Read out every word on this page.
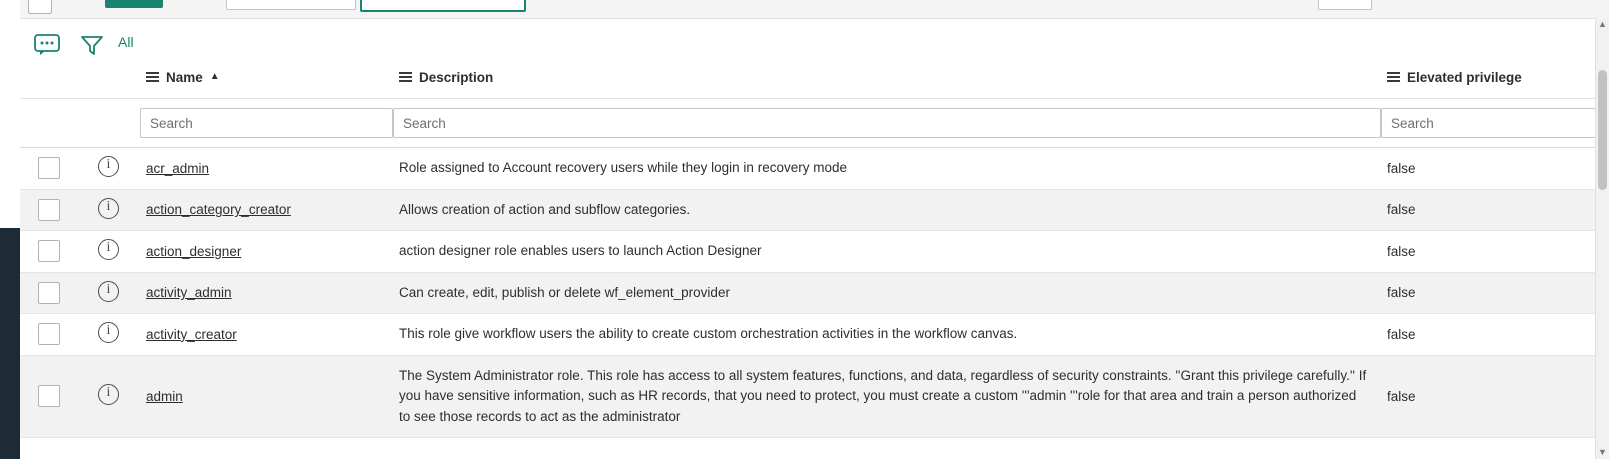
All

		Name ▲	Description	Elevated privilege

		Search	Search	Search
	i	acr_admin	Role assigned to Account recovery users while they login in recovery mode	false
	i	action_category_creator	Allows creation of action and subflow categories.	false
	i	action_designer	action designer role enables users to launch Action Designer	false
	i	activity_admin	Can create, edit, publish or delete wf_element_provider	false
	i	activity_creator	This role give workflow users the ability to create custom orchestration activities in the workflow canvas.	false
	i	admin	The System Administrator role. This role has access to all system features, functions, and data, regardless of security constraints. ''Grant this privilege carefully.'' If you have sensitive information, such as HR records, that you need to protect, you must create a custom '''admin '''role for that area and train a person authorized to see those records to act as the administrator	false
▲
▼
